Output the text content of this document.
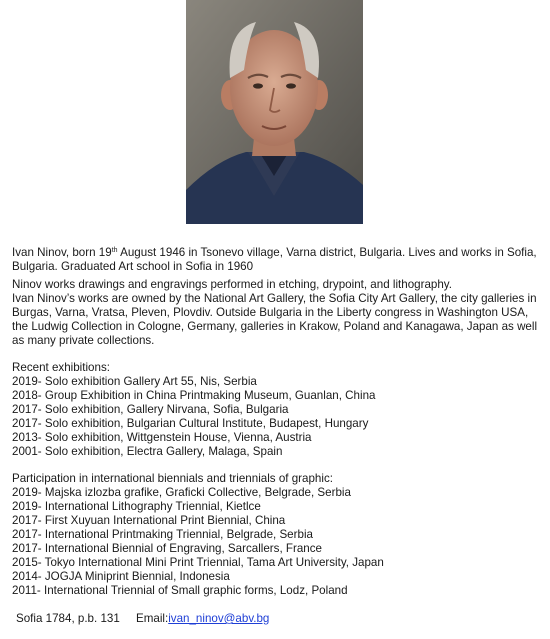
Ivan Ninov, born 19th August 1946 in Tsonevo village, Varna district, Bulgaria. Lives and works in Sofia, Bulgaria. Graduated Art school in Sofia in 1960

Ninov works drawings and engravings performed in etching, drypoint, and lithography.

Ivan Ninov’s works are owned by the National Art Gallery, the Sofia City Art Gallery, the city galleries in Burgas, Varna, Vratsa, Pleven, Plovdiv. Outside Bulgaria in the Liberty congress in Washington USA, the Ludwig Collection in Cologne, Germany, galleries in Krakow, Poland and Kanagawa, Japan as well as many private collections.

Recent exhibitions:

2019- Solo exhibition Gallery Art 55, Nis, Serbia
2018- Group Exhibition in China Printmaking Museum, Guanlan, China
2017- Solo exhibition, Gallery Nirvana, Sofia, Bulgaria
2017- Solo exhibition, Bulgarian Cultural Institute, Budapest, Hungary
2013- Solo exhibition, Wittgenstein House, Vienna, Austria
2001- Solo exhibition, Electra Gallery, Malaga, Spain

Participation in international biennials and triennials of graphic:

2019- Majska izlozba grafike, Graficki Collective, Belgrade, Serbia
2019- International Lithography Triennial, Kietlce
2017- First Xuyuan International Print Biennial, China
2017- International Printmaking Triennial, Belgrade, Serbia
2017- International Biennial of Engraving, Sarcallers, France
2015- Tokyo International Mini Print Triennial, Tama Art University, Japan
2014- JOGJA Miniprint Biennial, Indonesia
2011- International Triennial of Small graphic forms, Lodz, Poland
Sofia 1784, p.b. 131	Email: ivan_ninov@abv.bg
